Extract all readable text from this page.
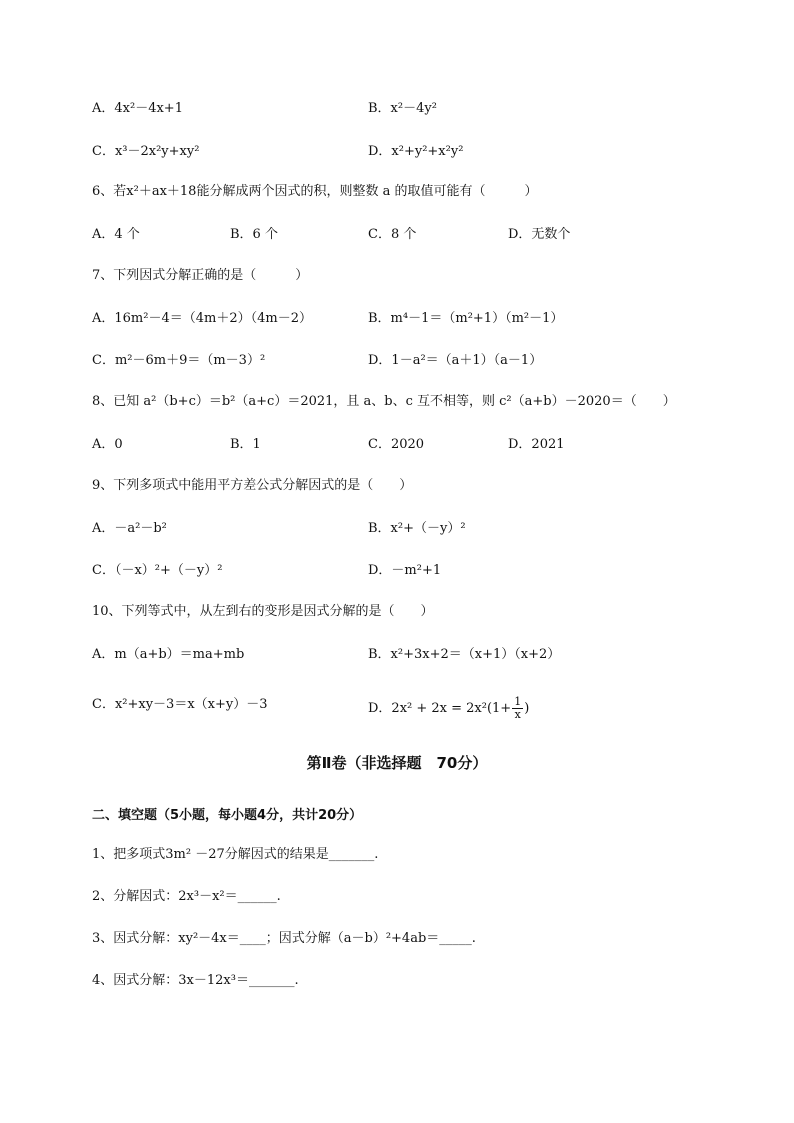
A．4x²－4x+1	B．x²－4y²
C．x³－2x²y+xy²	D．x²+y²+x²y²
6、若x²＋ax＋18能分解成两个因式的积，则整数 a 的取值可能有（　　　）
A．4 个	B．6 个	C．8 个	D．无数个
7、下列因式分解正确的是（　　　）
A．16m²－4＝（4m＋2）（4m－2）	B．m⁴－1＝（m²+1）（m²－1）
C．m²－6m＋9＝（m－3）²	D．1－a²＝（a＋1）（a－1）
8、已知 a²（b+c）＝b²（a+c）＝2021，且 a、b、c 互不相等，则 c²（a+b）－2020＝（　　）
A．0	B．1	C．2020	D．2021
9、下列多项式中能用平方差公式分解因式的是（　　）
A．－a²－b²	B．x²+（－y）²
C．（－x）²+（－y）²	D．－m²+1
10、下列等式中，从左到右的变形是因式分解的是（　　）
A．m（a+b）＝ma+mb	B．x²+3x+2＝（x+1）（x+2）
C．x²+xy－3＝x（x+y）－3	D．$2x^2 + 2x = 2x^2(1+ \frac{1}{x}$ )
第Ⅱ卷（非选择题　70分）
二、填空题（5小题，每小题4分，共计20分）
1、把多项式3m² －27分解因式的结果是_______.
2、分解因式：2x³－x²＝______.
3、因式分解：xy²－4x＝____；因式分解（a－b）²+4ab＝_____.
4、因式分解：3x－12x³＝_______.
